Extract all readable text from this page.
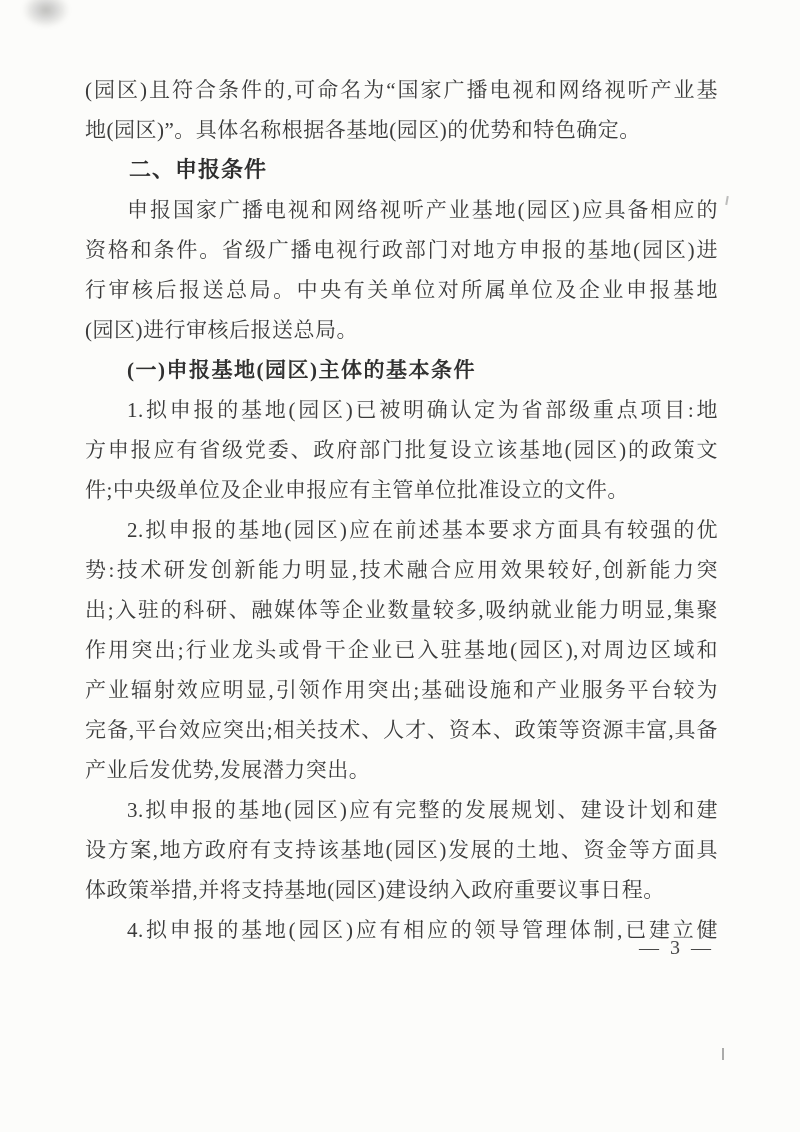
(园区)且符合条件的,可命名为“国家广播电视和网络视听产业基
地(园区)”。具体名称根据各基地(园区)的优势和特色确定。
二、申报条件
申报国家广播电视和网络视听产业基地(园区)应具备相应的
资格和条件。省级广播电视行政部门对地方申报的基地(园区)进
行审核后报送总局。中央有关单位对所属单位及企业申报基地
(园区)进行审核后报送总局。
(一)申报基地(园区)主体的基本条件
1.拟申报的基地(园区)已被明确认定为省部级重点项目:地
方申报应有省级党委、政府部门批复设立该基地(园区)的政策文
件;中央级单位及企业申报应有主管单位批准设立的文件。
2.拟申报的基地(园区)应在前述基本要求方面具有较强的优
势:技术研发创新能力明显,技术融合应用效果较好,创新能力突
出;入驻的科研、融媒体等企业数量较多,吸纳就业能力明显,集聚
作用突出;行业龙头或骨干企业已入驻基地(园区),对周边区域和
产业辐射效应明显,引领作用突出;基础设施和产业服务平台较为
完备,平台效应突出;相关技术、人才、资本、政策等资源丰富,具备
产业后发优势,发展潜力突出。
3.拟申报的基地(园区)应有完整的发展规划、建设计划和建
设方案,地方政府有支持该基地(园区)发展的土地、资金等方面具
体政策举措,并将支持基地(园区)建设纳入政府重要议事日程。
4.拟申报的基地(园区)应有相应的领导管理体制,已建立健
— 3 —
